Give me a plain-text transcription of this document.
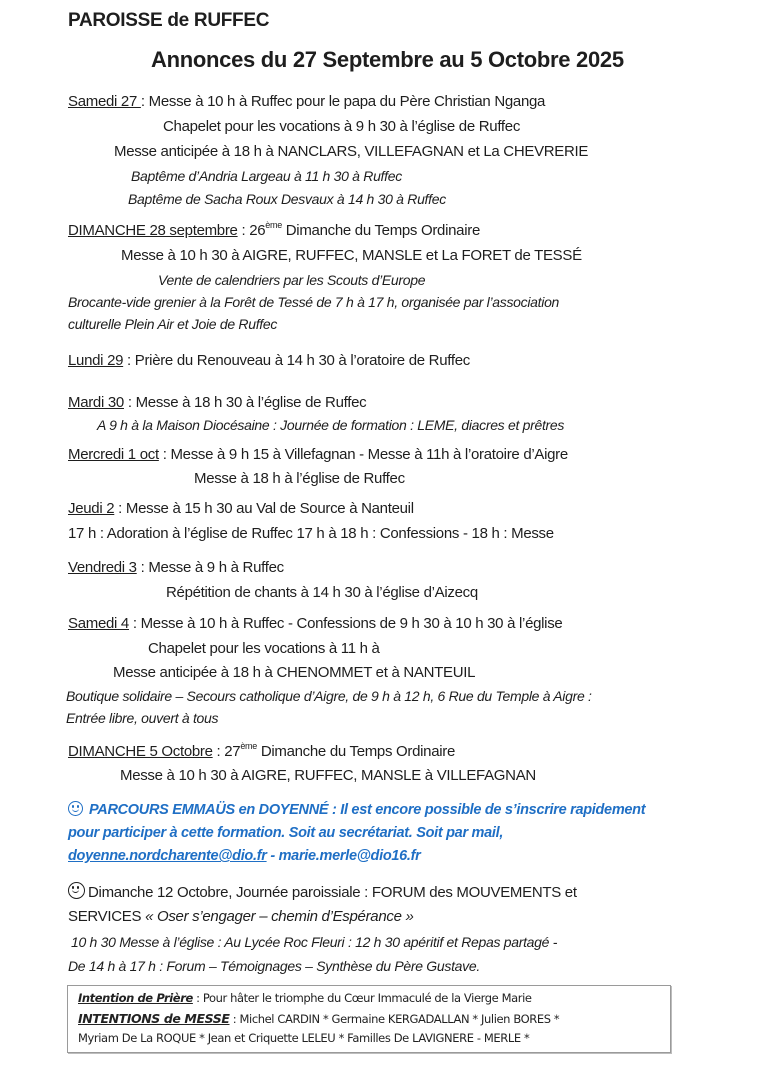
PAROISSE de RUFFEC
Annonces du 27 Septembre au 5 Octobre 2025
Samedi 27 : Messe à 10 h à Ruffec pour le papa du Père Christian Nganga
Chapelet pour les vocations à 9 h 30 à l’église de Ruffec
Messe anticipée à 18 h à NANCLARS, VILLEFAGNAN et La CHEVRERIE
Baptême d’Andria Largeau à 11 h 30 à Ruffec
Baptême de Sacha Roux Desvaux à 14 h 30 à Ruffec
DIMANCHE 28 septembre : 26ème Dimanche du Temps Ordinaire
Messe à 10 h 30 à AIGRE, RUFFEC, MANSLE et La FORET de TESSÉ
Vente de calendriers par les Scouts d’Europe
Brocante-vide grenier à la Forêt de Tessé de 7 h à 17 h, organisée par l’association
culturelle Plein Air et Joie de Ruffec
Lundi 29 : Prière du Renouveau à 14 h 30 à l’oratoire de Ruffec
Mardi 30 : Messe à 18 h 30 à l’église de Ruffec
A 9 h à la Maison Diocésaine : Journée de formation : LEME, diacres et prêtres
Mercredi 1 oct : Messe à 9 h 15 à Villefagnan - Messe à 11h à l’oratoire d’Aigre
Messe à 18 h à l’église de Ruffec
Jeudi 2 : Messe à 15 h 30 au Val de Source à Nanteuil
17 h : Adoration à l’église de Ruffec 17 h à 18 h : Confessions - 18 h : Messe
Vendredi 3 : Messe à 9 h à Ruffec
Répétition de chants à 14 h 30 à l’église d’Aizecq
Samedi 4 : Messe à 10 h à Ruffec - Confessions de 9 h 30 à 10 h 30 à l’église
Chapelet pour les vocations à 11 h à
Messe anticipée à 18 h à CHENOMMET et à NANTEUIL
Boutique solidaire – Secours catholique d’Aigre, de 9 h à 12 h, 6 Rue du Temple à Aigre :
Entrée libre, ouvert à tous
DIMANCHE 5 Octobre : 27ème Dimanche du Temps Ordinaire
Messe à 10 h 30 à AIGRE, RUFFEC, MANSLE à VILLEFAGNAN
PARCOURS EMMAÜS en DOYENNÉ : Il est encore possible de s’inscrire rapidement
pour participer à cette formation. Soit au secrétariat. Soit par mail,
doyenne.nordcharente@dio.fr - marie.merle@dio16.fr
Dimanche 12 Octobre, Journée paroissiale : FORUM des MOUVEMENTS et
SERVICES « Oser s’engager – chemin d’Espérance »
10 h 30 Messe à l’église : Au Lycée Roc Fleuri : 12 h 30 apéritif et Repas partagé -
De 14 h à 17 h : Forum – Témoignages – Synthèse du Père Gustave.
Intention de Prière : Pour hâter le triomphe du Cœur Immaculé de la Vierge Marie
INTENTIONS de MESSE : Michel CARDIN * Germaine KERGADALLAN * Julien BORES *
Myriam De La ROQUE * Jean et Criquette LELEU * Familles De LAVIGNERE - MERLE *
